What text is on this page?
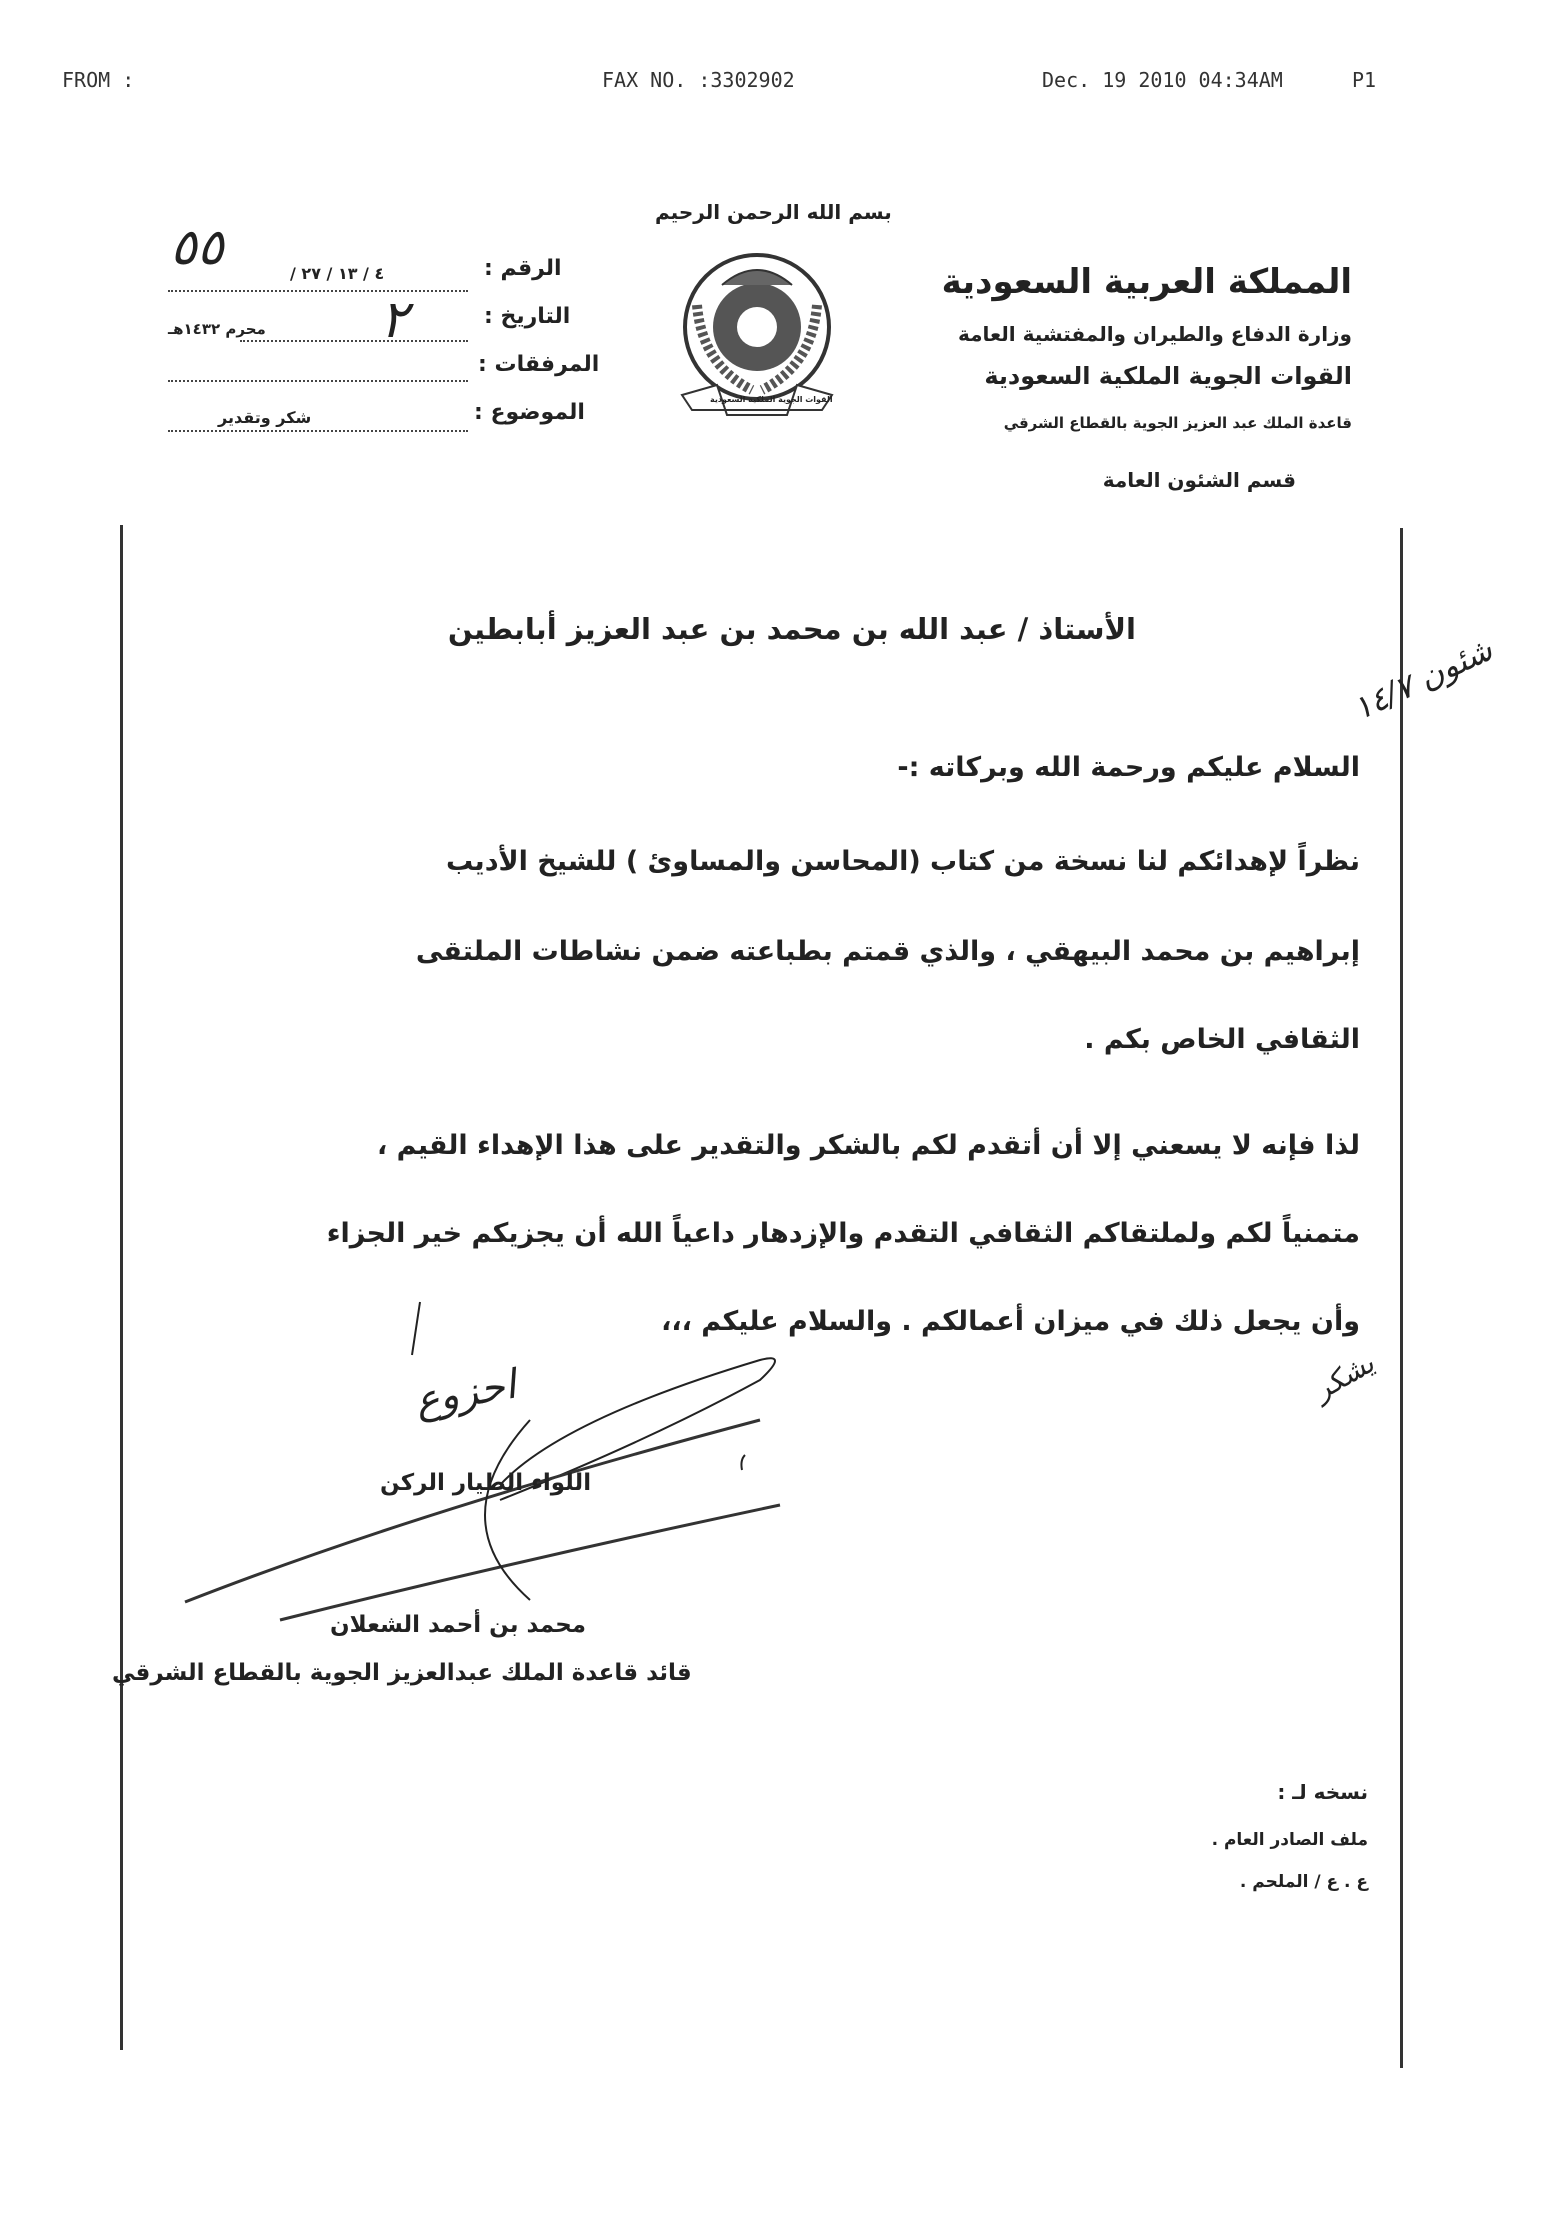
FROM :	FAX NO. :3302902	Dec. 19 2010 04:34AM	P1
المملكة العربية السعودية
وزارة الدفاع والطيران والمفتشية العامة
القوات الجوية الملكية السعودية
قاعدة الملك عبد العزيز الجوية بالقطاع الشرقي
قسم الشئون العامة
بسم الله الرحمن الرحيم
القوات الجوية الملكية السعودية
الرقم :
٤ / ١٣ / ٢٧ /
٥٥
التاريخ :
محرم ١٤٣٢هـ ٢
المرفقات :
الموضوع :
شكر وتقدير
الأستاذ / عبد الله بن محمد بن عبد العزيز أبابطين
شئون ١٤/٧
يشكر
السلام عليكم ورحمة الله وبركاته :-
نظراً لإهدائكم لنا نسخة من كتاب (المحاسن والمساوئ ) للشيخ الأديب
إبراهيم بن محمد البيهقي ، والذي قمتم بطباعته ضمن نشاطات الملتقى
الثقافي الخاص بكم .
لذا فإنه لا يسعني إلا أن أتقدم لكم بالشكر والتقدير على هذا الإهداء القيم ،
متمنياً لكم ولملتقاكم الثقافي التقدم والإزدهار داعياً الله أن يجزيكم خير الجزاء
وأن يجعل ذلك في ميزان أعمالكم . والسلام عليكم ،،،
احزوع
اللواء الطيار الركن
محمد بن أحمد الشعلان
قائد قاعدة الملك عبدالعزيز الجوية بالقطاع الشرقي
نسخه لـ :
ملف الصادر العام .
ع . ع / الملحم .
